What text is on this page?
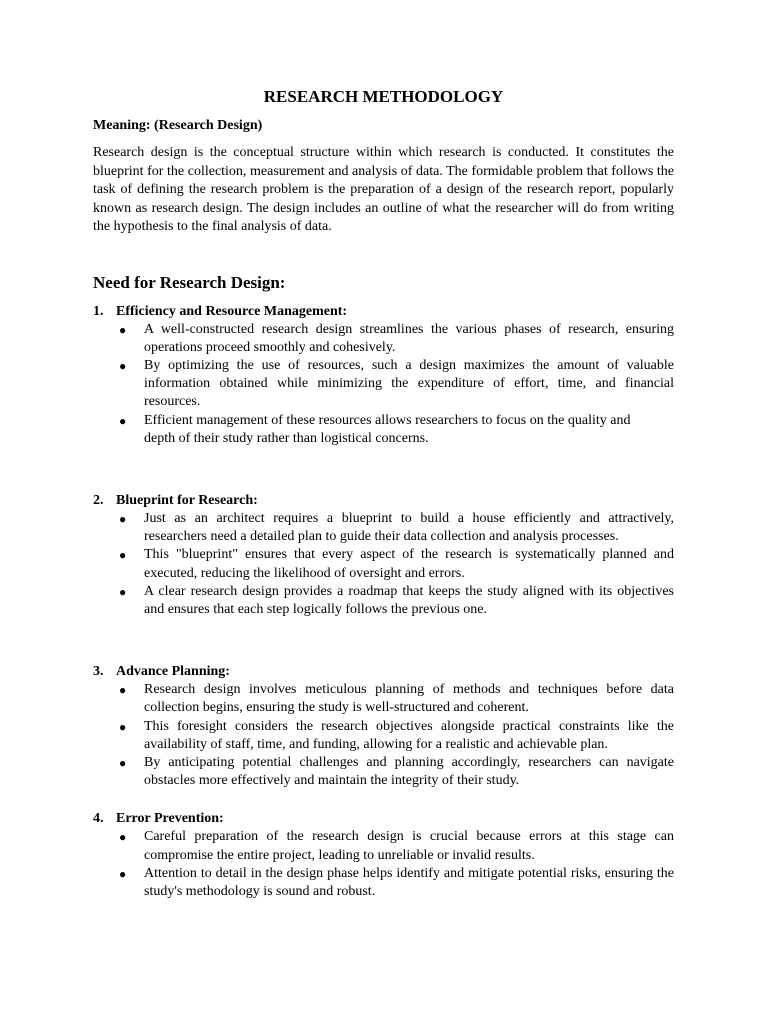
RESEARCH METHODOLOGY
Meaning: (Research Design)

Research design is the conceptual structure within which research is conducted. It constitutes the blueprint for the collection, measurement and analysis of data. The formidable problem that follows the task of defining the research problem is the preparation of a design of the research report, popularly known as research design. The design includes an outline of what the researcher will do from writing the hypothesis to the final analysis of data.

Need for Research Design:
1. Efficiency and Resource Management:
● A well-constructed research design streamlines the various phases of research, ensuring operations proceed smoothly and cohesively.
● By optimizing the use of resources, such a design maximizes the amount of valuable information obtained while minimizing the expenditure of effort, time, and financial resources.
● Efficient management of these resources allows researchers to focus on the quality and
depth of their study rather than logistical concerns.
2. Blueprint for Research:
● Just as an architect requires a blueprint to build a house efficiently and attractively, researchers need a detailed plan to guide their data collection and analysis processes.
● This "blueprint" ensures that every aspect of the research is systematically planned and executed, reducing the likelihood of oversight and errors.
● A clear research design provides a roadmap that keeps the study aligned with its objectives and ensures that each step logically follows the previous one.
3. Advance Planning:
● Research design involves meticulous planning of methods and techniques before data collection begins, ensuring the study is well-structured and coherent.
● This foresight considers the research objectives alongside practical constraints like the availability of staff, time, and funding, allowing for a realistic and achievable plan.
● By anticipating potential challenges and planning accordingly, researchers can navigate obstacles more effectively and maintain the integrity of their study.
4. Error Prevention:
● Careful preparation of the research design is crucial because errors at this stage can compromise the entire project, leading to unreliable or invalid results.
● Attention to detail in the design phase helps identify and mitigate potential risks, ensuring the study's methodology is sound and robust.
